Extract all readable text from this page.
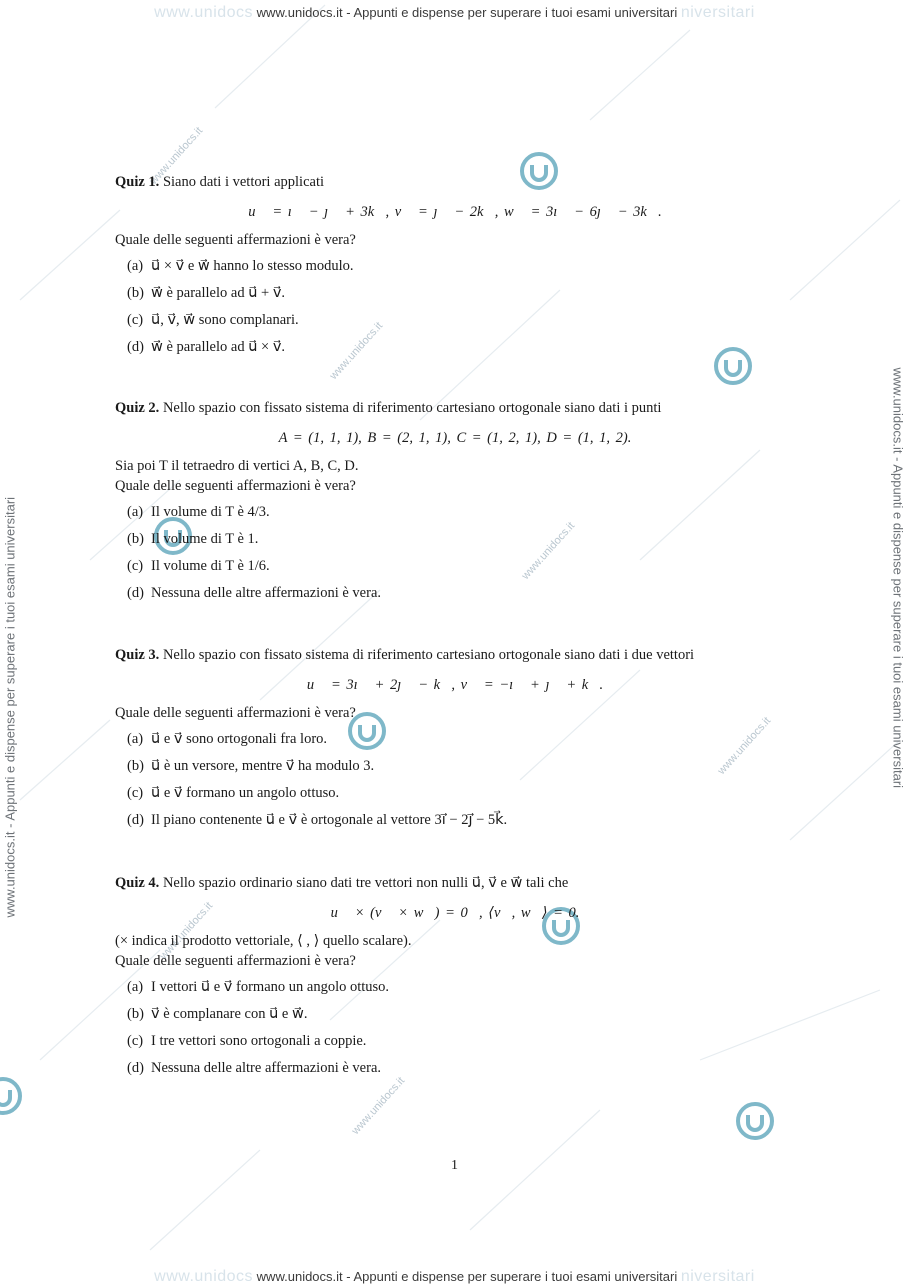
www.unidocs.it
www.unidocs.it
www.unidocs.it
www.unidocs.it
www.unidocs.it
www.unidocs.it
www.unidocs www.unidocs.it - Appunti e dispense per superare i tuoi esami universitari niversitari
www.unidocs www.unidocs.it - Appunti e dispense per superare i tuoi esami universitari niversitari
www.unidocs.it - Appunti e dispense per superare i tuoi esami universitari	www.unidocs.it - Appunti e dispense per superare i tuoi esami universitari

Quiz 1. Siano dati i vettori applicati

u⃗ = ı⃗ − ȷ⃗ + 3k⃗, v⃗ = ȷ⃗ − 2k⃗, w⃗ = 3ı⃗ − 6ȷ⃗ − 3k⃗.

Quale delle seguenti affermazioni è vera?

(a) u⃗ × v⃗ e w⃗ hanno lo stesso modulo.
(b) w⃗ è parallelo ad u⃗ + v⃗.
(c) u⃗, v⃗, w⃗ sono complanari.
(d) w⃗ è parallelo ad u⃗ × v⃗.

Quiz 2. Nello spazio con fissato sistema di riferimento cartesiano ortogonale siano dati i punti

A = (1, 1, 1), B = (2, 1, 1), C = (1, 2, 1), D = (1, 1, 2).

Sia poi T il tetraedro di vertici A, B, C, D.

Quale delle seguenti affermazioni è vera?

(a) Il volume di T è 4/3.
(b) Il volume di T è 1.
(c) Il volume di T è 1/6.
(d) Nessuna delle altre affermazioni è vera.

Quiz 3. Nello spazio con fissato sistema di riferimento cartesiano ortogonale siano dati i due vettori

u⃗ = 3ı⃗ + 2ȷ⃗ − k⃗, v⃗ = −ı⃗ + ȷ⃗ + k⃗.

Quale delle seguenti affermazioni è vera?

(a) u⃗ e v⃗ sono ortogonali fra loro.
(b) u⃗ è un versore, mentre v⃗ ha modulo 3.
(c) u⃗ e v⃗ formano un angolo ottuso.
(d) Il piano contenente u⃗ e v⃗ è ortogonale al vettore 3ı⃗ − 2ȷ⃗ − 5k⃗.

Quiz 4. Nello spazio ordinario siano dati tre vettori non nulli u⃗, v⃗ e w⃗ tali che

u⃗ × (v⃗ × w⃗) = 0⃗, ⟨v⃗, w⃗⟩ = 0.

(× indica il prodotto vettoriale, ⟨ , ⟩ quello scalare).

Quale delle seguenti affermazioni è vera?

(a) I vettori u⃗ e v⃗ formano un angolo ottuso.
(b) v⃗ è complanare con u⃗ e w⃗.
(c) I tre vettori sono ortogonali a coppie.
(d) Nessuna delle altre affermazioni è vera.
1
